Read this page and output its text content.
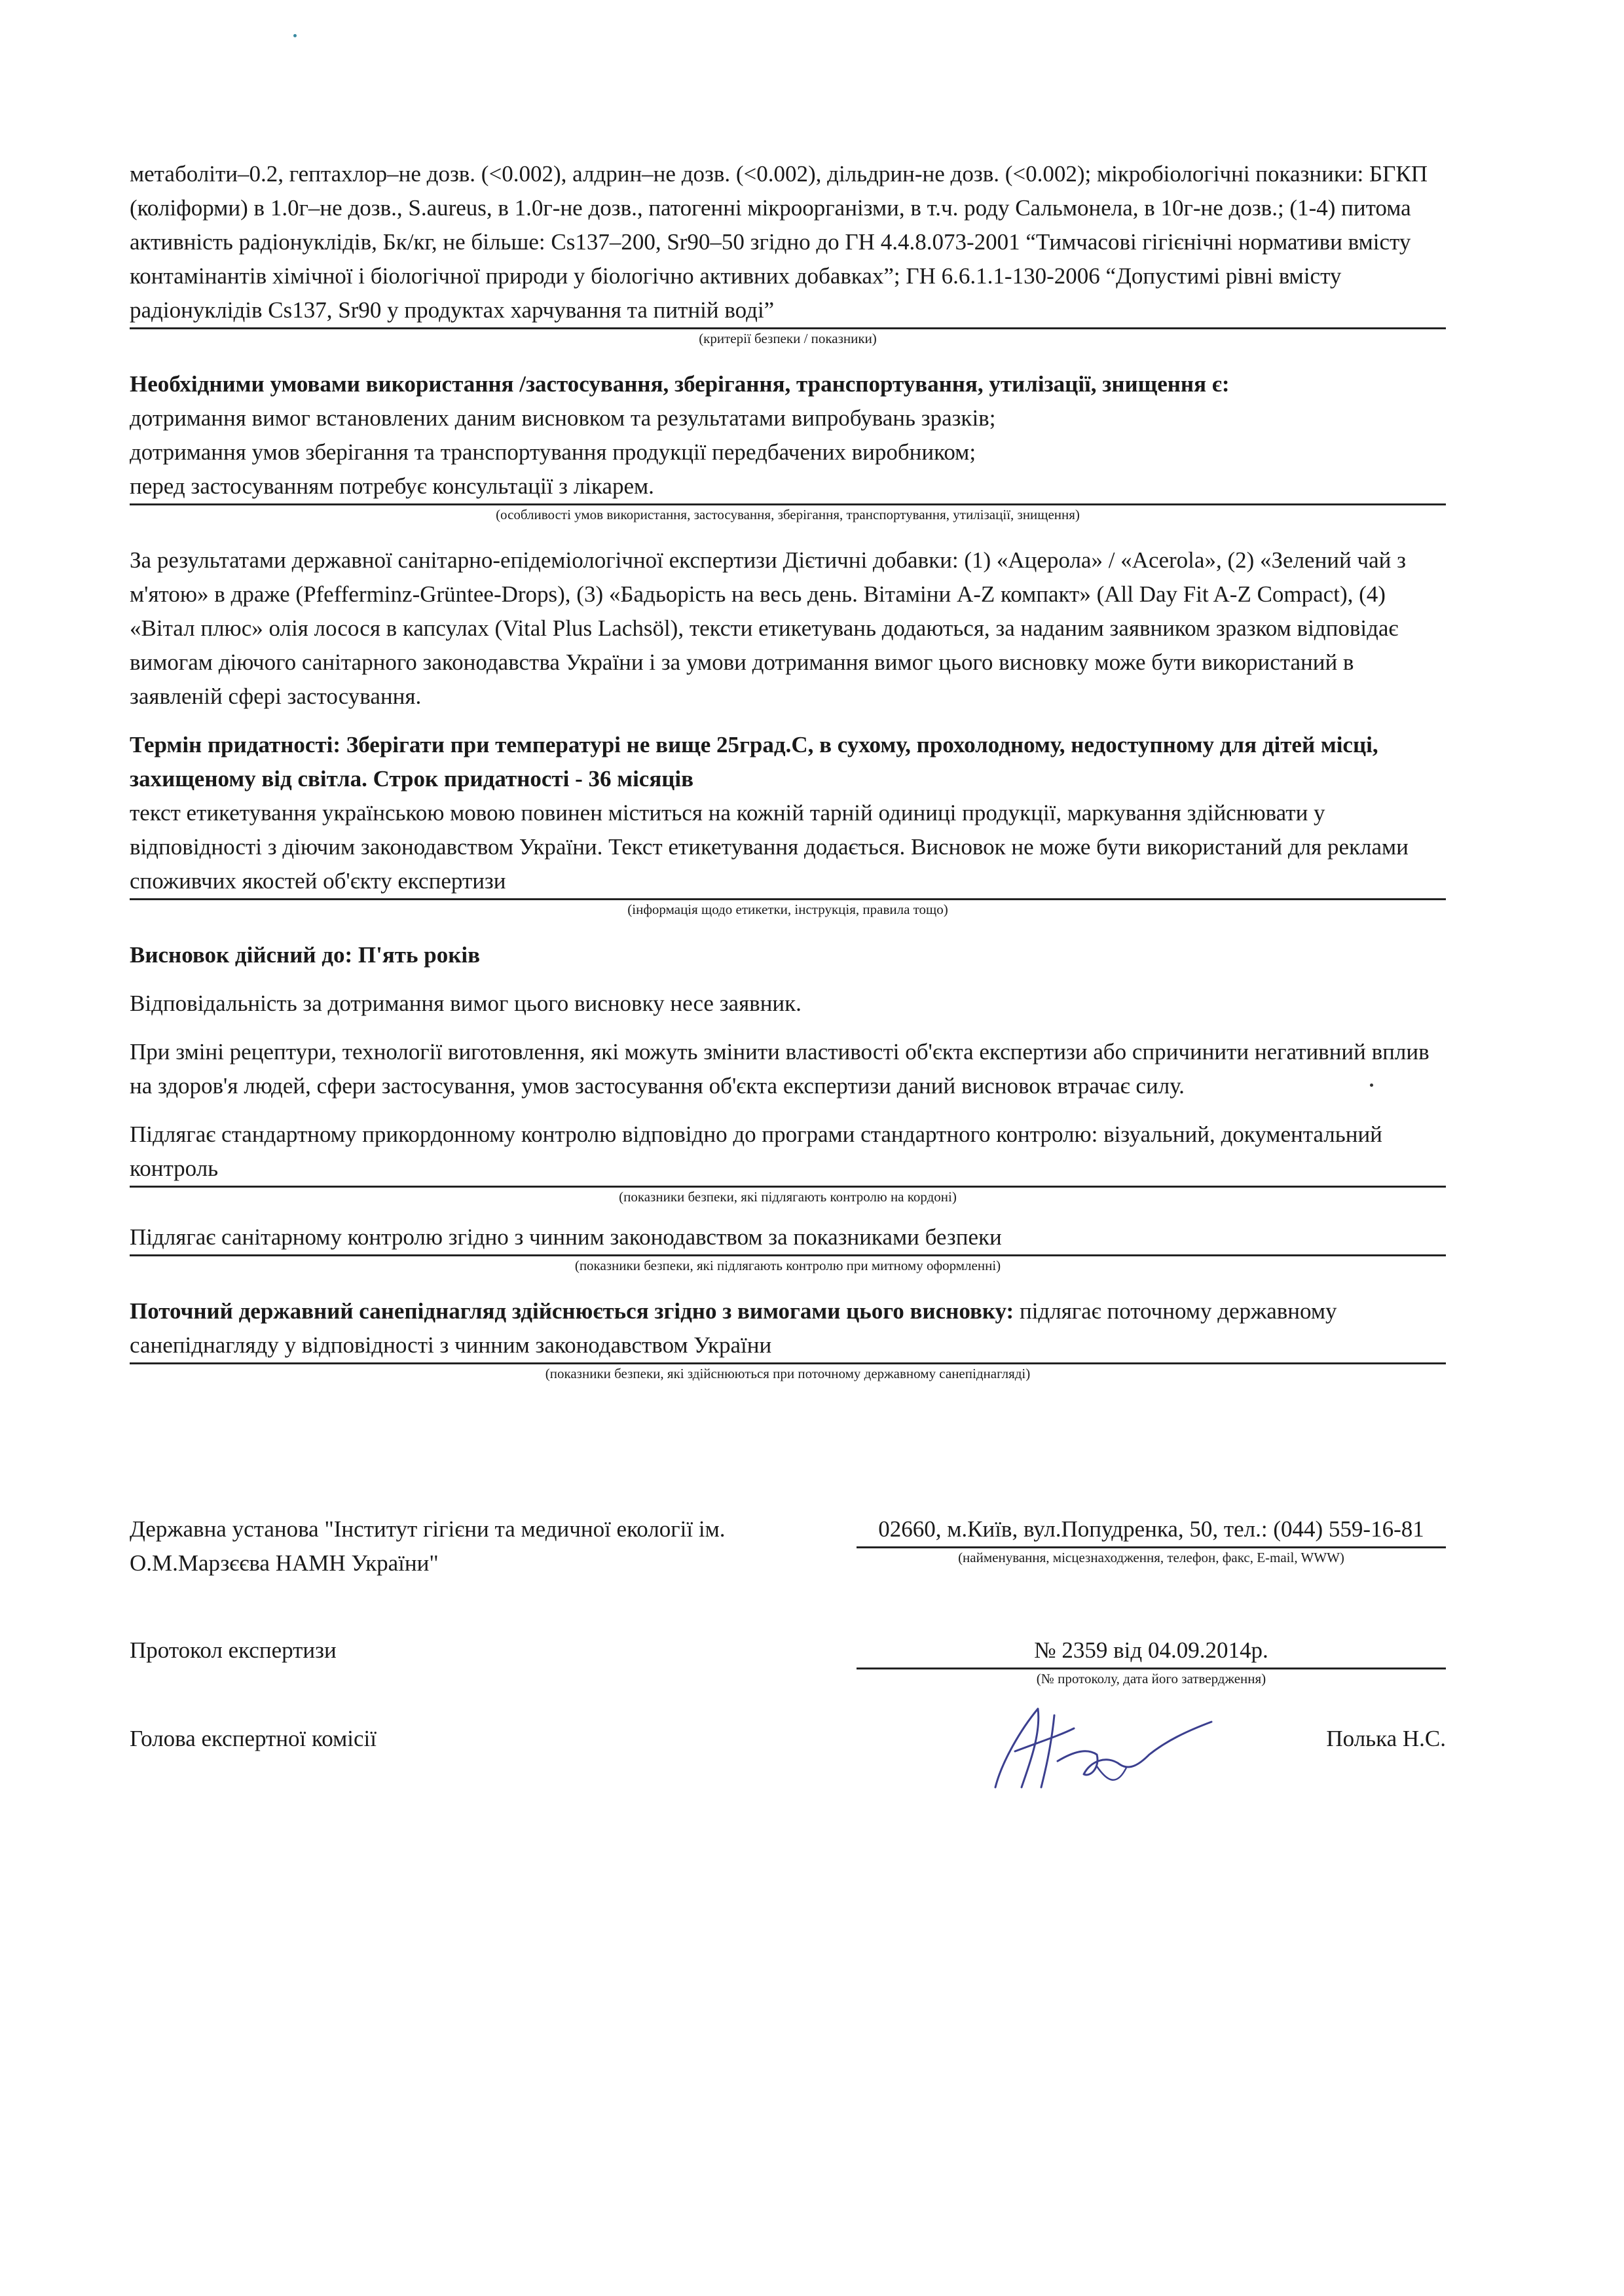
метаболіти–0.2, гептахлор–не дозв. (<0.002), алдрин–не дозв. (<0.002), дільдрин-не дозв. (<0.002); мікробіологічні показники: БГКП (коліформи) в 1.0г–не дозв., S.aureus, в 1.0г-не дозв., патогенні мікроорганізми, в т.ч. роду Сальмонела, в 10г-не дозв.; (1-4) питома активність радіонуклідів, Бк/кг, не більше: Cs137–200, Sr90–50 згідно до ГН 4.4.8.073-2001 “Тимчасові гігієнічні нормативи вмісту контамінантів хімічної і біологічної природи у біологічно активних добавках”; ГН 6.6.1.1-130-2006 “Допустимі рівні вмісту радіонуклідів Cs137, Sr90 у продуктах харчування та питній воді”

(критерії безпеки / показники)

Необхідними умовами використання /застосування, зберігання, транспортування, утилізації, знищення є:

дотримання вимог встановлених даним висновком та результатами випробувань зразків;

дотримання умов зберігання та транспортування продукції передбачених виробником;

перед застосуванням потребує консультації з лікарем.

(особливості умов використання, застосування, зберігання, транспортування, утилізації, знищення)

За результатами державної санітарно-епідеміологічної експертизи Дієтичні добавки: (1) «Ацерола» / «Acerola», (2) «Зелений чай з м'ятою» в драже (Pfefferminz-Grüntee-Drops), (3) «Бадьорість на весь день. Вітаміни A-Z компакт» (All Day Fit A-Z Compact), (4) «Вітал плюс» олія лосося в капсулах (Vital Plus Lachsöl), тексти етикетувань додаються, за наданим заявником зразком відповідає вимогам діючого санітарного законодавства України і за умови дотримання вимог цього висновку може бути використаний в заявленій сфері застосування.

Термін придатності: Зберігати при температурі не вище 25град.С, в сухому, прохолодному, недоступному для дітей місці, захищеному від світла. Строк придатності - 36 місяців

текст етикетування українською мовою повинен міститься на кожній тарній одиниці продукції, маркування здійснювати у відповідності з діючим законодавством України. Текст етикетування додається. Висновок не може бути використаний для реклами споживчих якостей об'єкту експертизи

(інформація щодо етикетки, інструкція, правила тощо)

Висновок дійсний до: П'ять років

Відповідальність за дотримання вимог цього висновку несе заявник.

При зміні рецептури, технології виготовлення, які можуть змінити властивості об'єкта експертизи або спричинити негативний вплив на здоров'я людей, сфери застосування, умов застосування об'єкта експертизи даний висновок втрачає силу.

Підлягає стандартному прикордонному контролю відповідно до програми стандартного контролю: візуальний, документальний контроль

(показники безпеки, які підлягають контролю на кордоні)

Підлягає санітарному контролю згідно з чинним законодавством за показниками безпеки

(показники безпеки, які підлягають контролю при митному оформленні)

Поточний державний санепіднагляд здійснюється згідно з вимогами цього висновку: підлягає поточному державному санепіднагляду у відповідності з чинним законодавством України

(показники безпеки, які здійснюються при поточному державному санепіднагляді)

Державна установа "Інститут гігієни та медичної екології ім. О.М.Марзєєва НАМН України"
02660, м.Київ, вул.Попудренка, 50, тел.: (044) 559-16-81
(найменування, місцезнаходження, телефон, факс, E-mail, WWW)
Протокол експертизи	№ 2359 від 04.09.2014р.
(№ протоколу, дата його затвердження)
Голова експертної комісії	Полька Н.С.
